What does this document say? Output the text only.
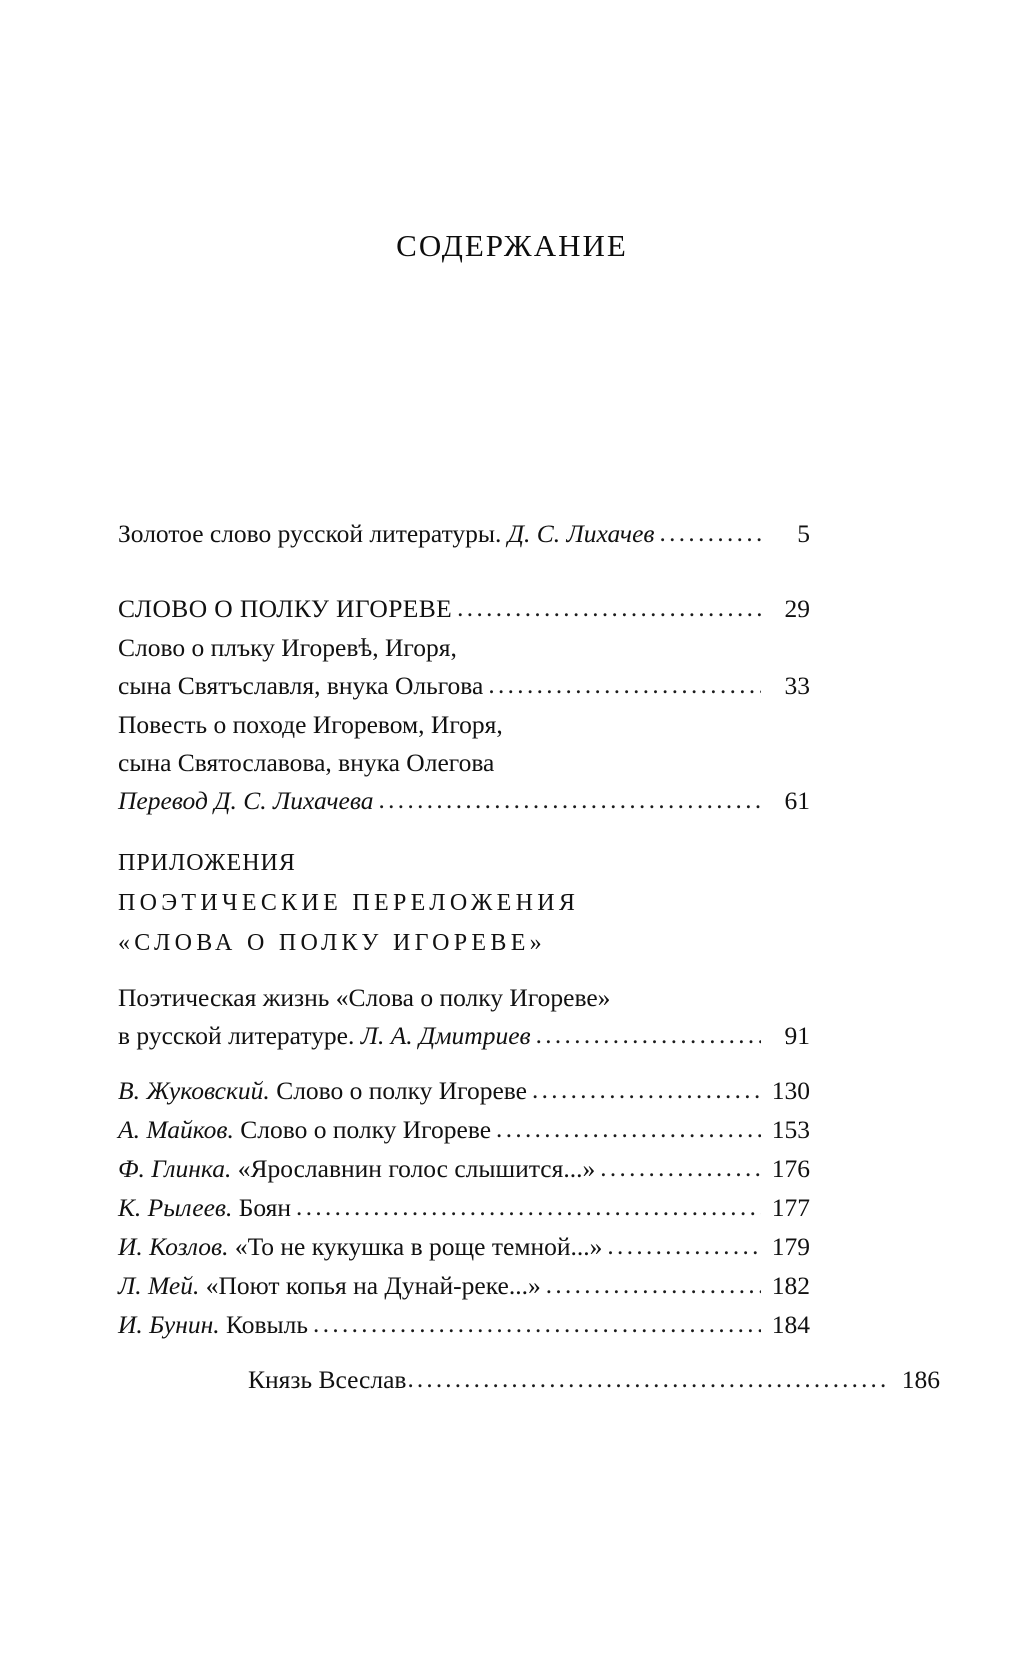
СОДЕРЖАНИЕ
Золотое слово русской литературы. Д. С. Лихачев .....	5
СЛОВО О ПОЛКУ ИГОРЕВЕ .....	29
Слово о плъку Игоревѣ, Игоря,
сына Святъславля, внука Ольгова .....	33
Повесть о походе Игоревом, Игоря,
сына Святославова, внука Олегова
Перевод Д. С. Лихачева .....	61
ПРИЛОЖЕНИЯ
ПОЭТИЧЕСКИЕ ПЕРЕЛОЖЕНИЯ
«СЛОВА О ПОЛКУ ИГОРЕВЕ»
Поэтическая жизнь «Слова о полку Игореве»
в русской литературе. Л. А. Дмитриев .....	91
В. Жуковский. Слово о полку Игореве .....	130
А. Майков. Слово о полку Игореве .....	153
Ф. Глинка. «Ярославнин голос слышится...» .....	176
К. Рылеев. Боян .....	177
И. Козлов. «То не кукушка в роще темной...» .....	179
Л. Мей. «Поют копья на Дунай-реке...» .....	182
И. Бунин. Ковыль .....	184
Князь Всеслав .....	186
